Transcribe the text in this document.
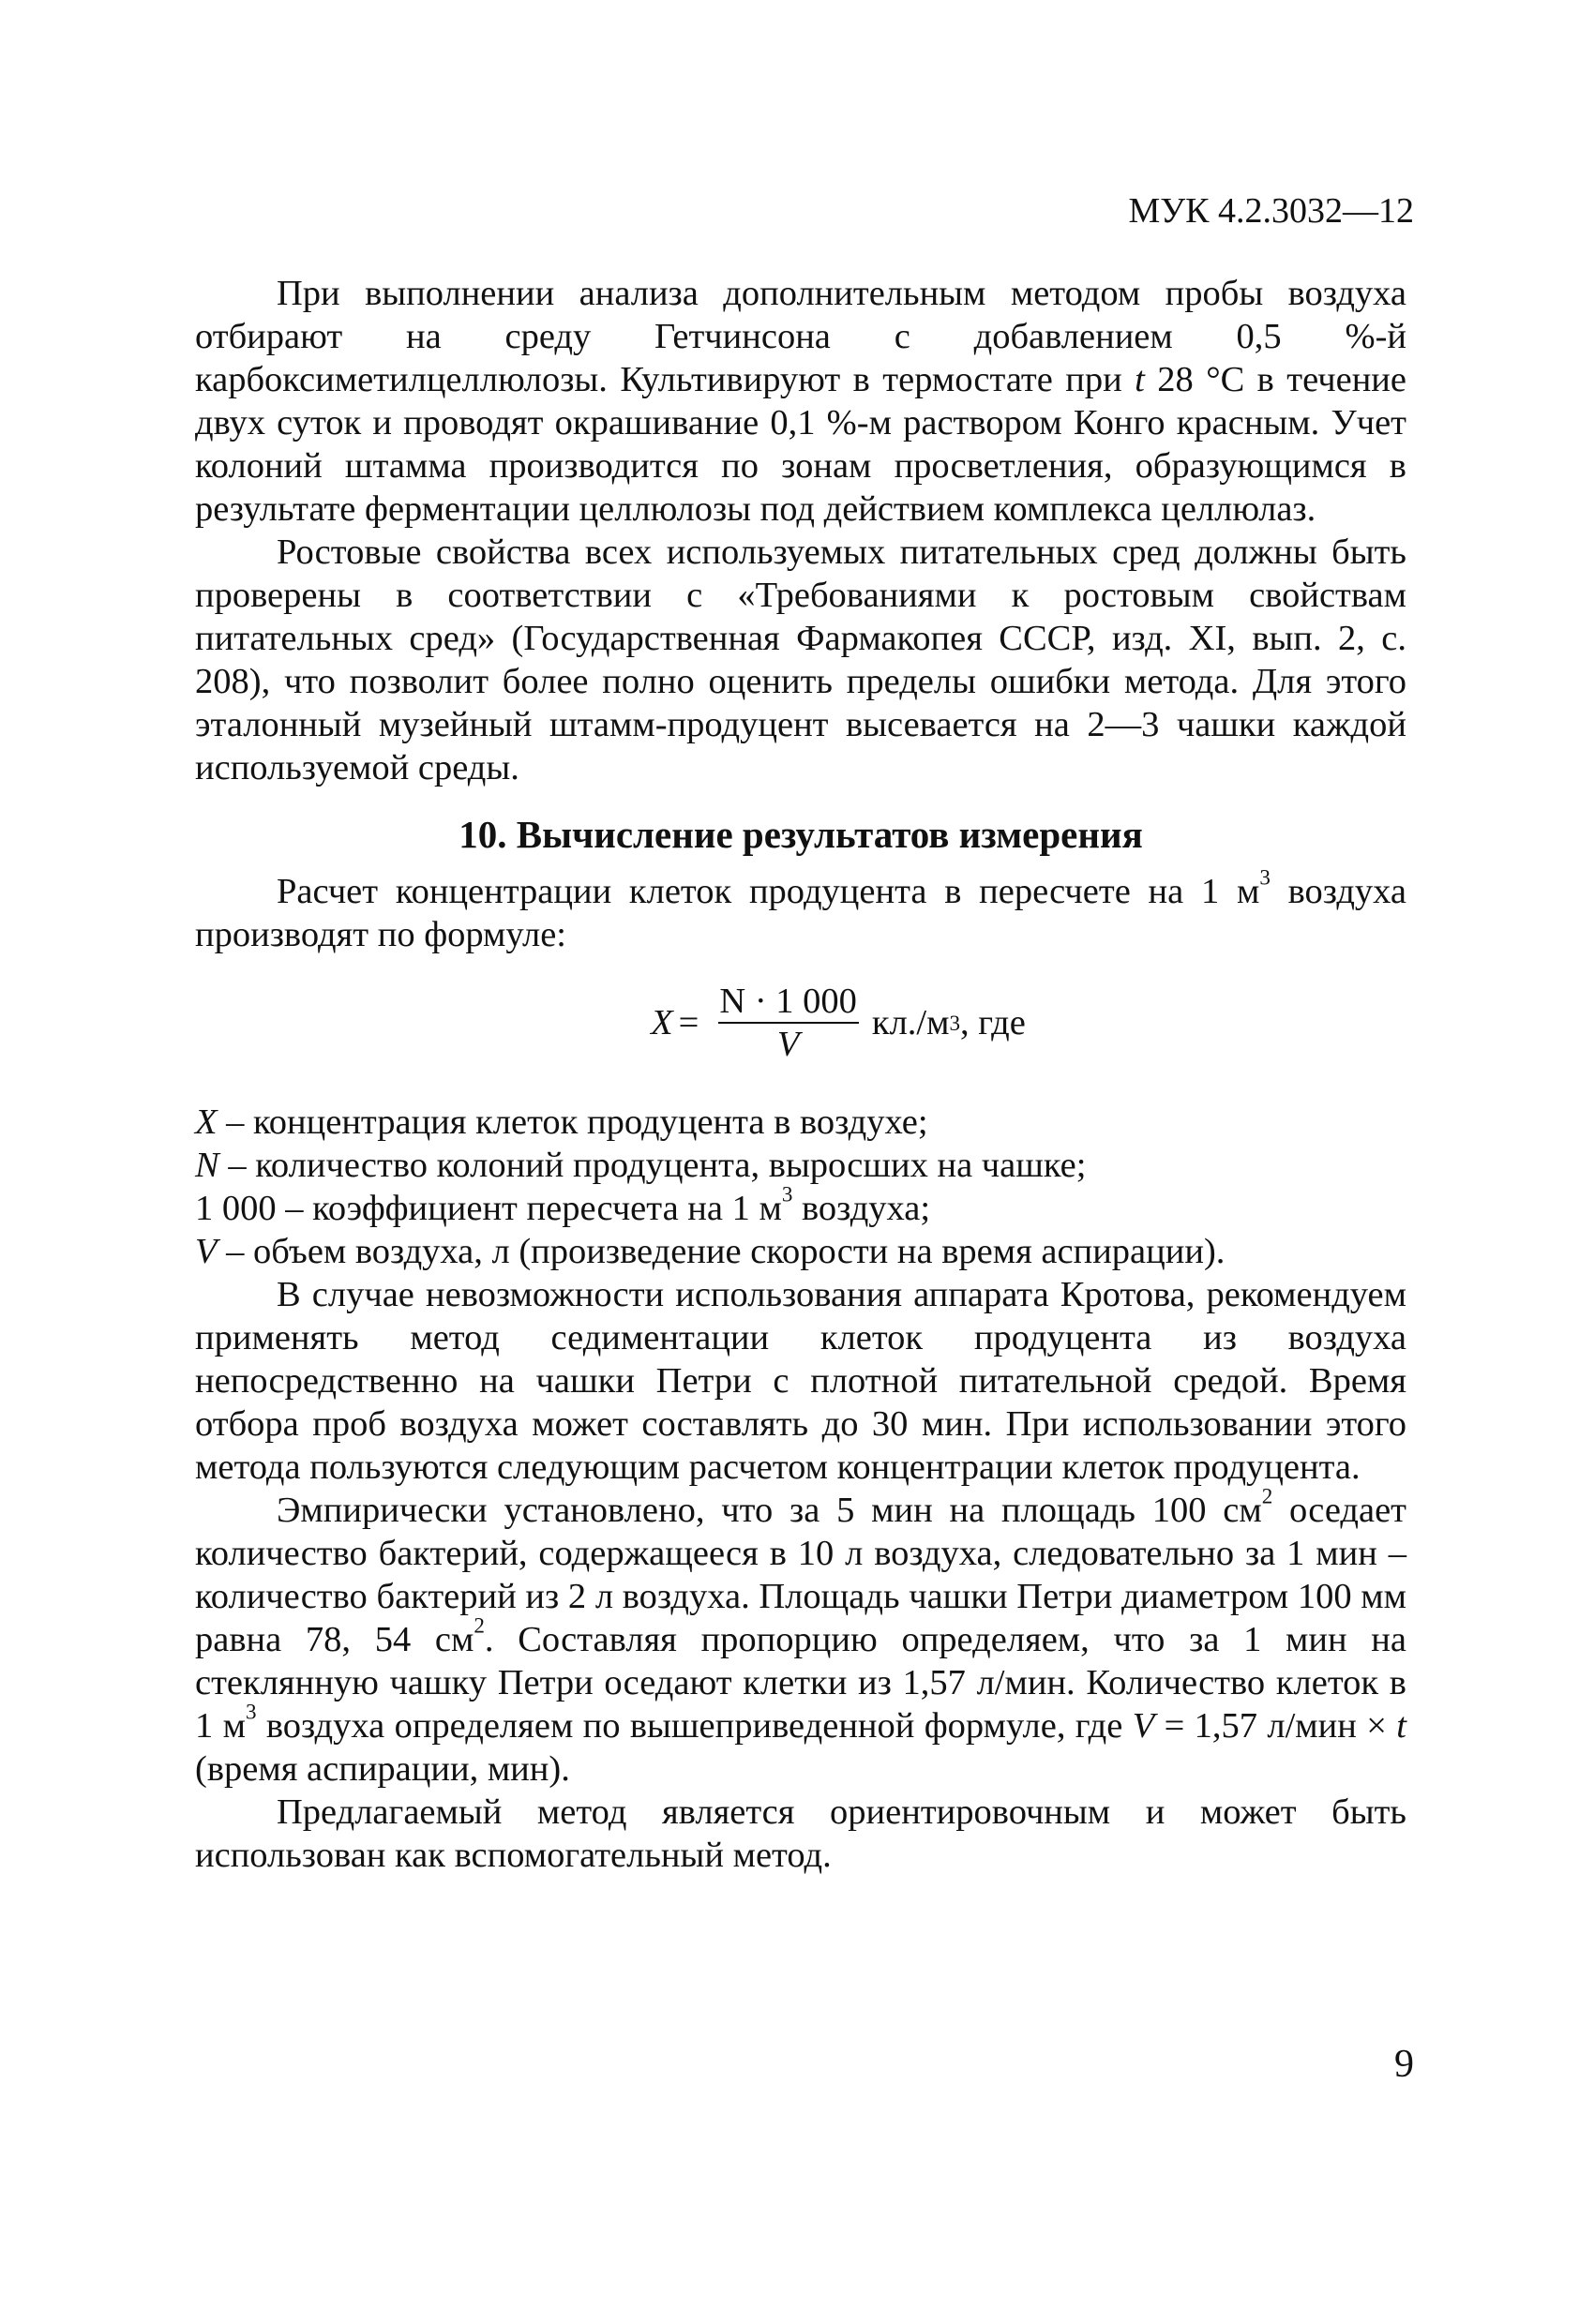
МУК 4.2.3032—12

При выполнении анализа дополнительным методом пробы воздуха отбирают на среду Гетчинсона с добавлением 0,5 %-й карбоксиметилцеллюлозы. Культивируют в термостате при t 28 °С в течение двух суток и проводят окрашивание 0,1 %-м раствором Конго красным. Учет колоний штамма производится по зонам просветления, образующимся в результате ферментации целлюлозы под действием комплекса целлюлаз.

Ростовые свойства всех используемых питательных сред должны быть проверены в соответствии с «Требованиями к ростовым свойствам питательных сред» (Государственная Фармакопея СССР, изд. XI, вып. 2, с. 208), что позволит более полно оценить пределы ошибки метода. Для этого эталонный музейный штамм-продуцент высевается на 2—3 чашки каждой используемой среды.

10. Вычисление результатов измерения

Расчет концентрации клеток продуцента в пересчете на 1 $м^3$ воздуха производят по формуле:

$X = \frac{N \cdot 1 000}{V} кл./м$ 3 , где

X – концентрация клеток продуцента в воздухе;

N – количество колоний продуцента, выросших на чашке;

1 000 – коэффициент пересчета на 1 $м^3$ воздуха;

V – объем воздуха, л (произведение скорости на время аспирации).

В случае невозможности использования аппарата Кротова, рекомендуем применять метод седиментации клеток продуцента из воздуха непосредственно на чашки Петри с плотной питательной средой. Время отбора проб воздуха может составлять до 30 мин. При использовании этого метода пользуются следующим расчетом концентрации клеток продуцента.

Эмпирически установлено, что за 5 мин на площадь 100 $см^2$ оседает количество бактерий, содержащееся в 10 л воздуха, следовательно за 1 мин – количество бактерий из 2 л воздуха. Площадь чашки Петри диаметром 100 мм равна 78, 54 $см^2$. Составляя пропорцию определяем, что за 1 мин на стеклянную чашку Петри оседают клетки из 1,57 л/мин. Количество клеток в 1 $м^3$ воздуха определяем по вышеприведенной формуле, где V = 1,57 л/мин × t (время аспирации, мин).

Предлагаемый метод является ориентировочным и может быть использован как вспомогательный метод.

9
